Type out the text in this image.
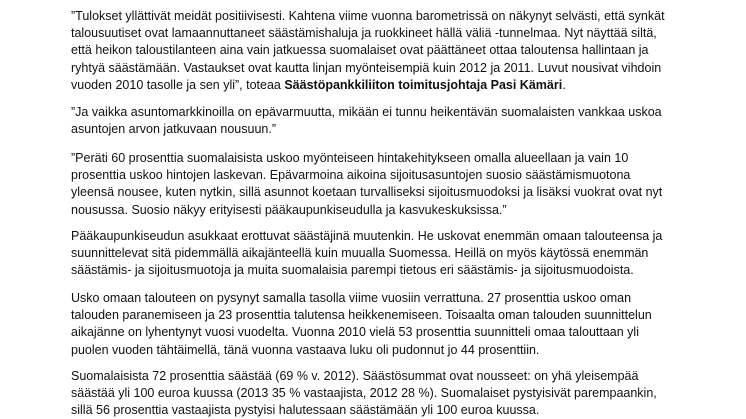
”Tulokset yllättivät meidät positiivisesti. Kahtena viime vuonna barometrissä on näkynyt selvästi, että synkät
talousuutiset ovat lamaannuttaneet säästämishaluja ja ruokkineet hällä väliä -tunnelmaa. Nyt näyttää siltä,
että heikon taloustilanteen aina vain jatkuessa suomalaiset ovat päättäneet ottaa taloutensa hallintaan ja
ryhtyä säästämään. Vastaukset ovat kautta linjan myönteisempiä kuin 2012 ja 2011. Luvut nousivat vihdoin
vuoden 2010 tasolle ja sen yli”, toteaa Säästöpankkiliiton toimitusjohtaja Pasi Kämäri.

”Ja vaikka asuntomarkkinoilla on epävarmuutta, mikään ei tunnu heikentävän suomalaisten vankkaa uskoa
asuntojen arvon jatkuvaan nousuun.”

”Peräti 60 prosenttia suomalaisista uskoo myönteiseen hintakehitykseen omalla alueellaan ja vain 10
prosenttia uskoo hintojen laskevan. Epävarmoina aikoina sijoitusasuntojen suosio säästämismuotona
yleensä nousee, kuten nytkin, sillä asunnot koetaan turvalliseksi sijoitusmuodoksi ja lisäksi vuokrat ovat nyt
nousussa. Suosio näkyy erityisesti pääkaupunkiseudulla ja kasvukeskuksissa.”

Pääkaupunkiseudun asukkaat erottuvat säästäjinä muutenkin. He uskovat enemmän omaan talouteensa ja
suunnittelevat sitä pidemmällä aikajänteellä kuin muualla Suomessa. Heillä on myös käytössä enemmän
säästämis- ja sijoitusmuotoja ja muita suomalaisia parempi tietous eri säästämis- ja sijoitusmuodoista.

Usko omaan talouteen on pysynyt samalla tasolla viime vuosiin verrattuna. 27 prosenttia uskoo oman
talouden paranemiseen ja 23 prosenttia talutensa heikkenemiseen. Toisaalta oman talouden suunnittelun
aikajänne on lyhentynyt vuosi vuodelta. Vuonna 2010 vielä 53 prosenttia suunnitteli omaa talouttaan yli
puolen vuoden tähtäimellä, tänä vuonna vastaava luku oli pudonnut jo 44 prosenttiin.

Suomalaisista 72 prosenttia säästää (69 % v. 2012). Säästösummat ovat nousseet: on yhä yleisempää
säästää yli 100 euroa kuussa (2013 35 % vastaajista, 2012 28 %). Suomalaiset pystyisivät parempaankin,
sillä 56 prosenttia vastaajista pystyisi halutessaan säästämään yli 100 euroa kuussa.
